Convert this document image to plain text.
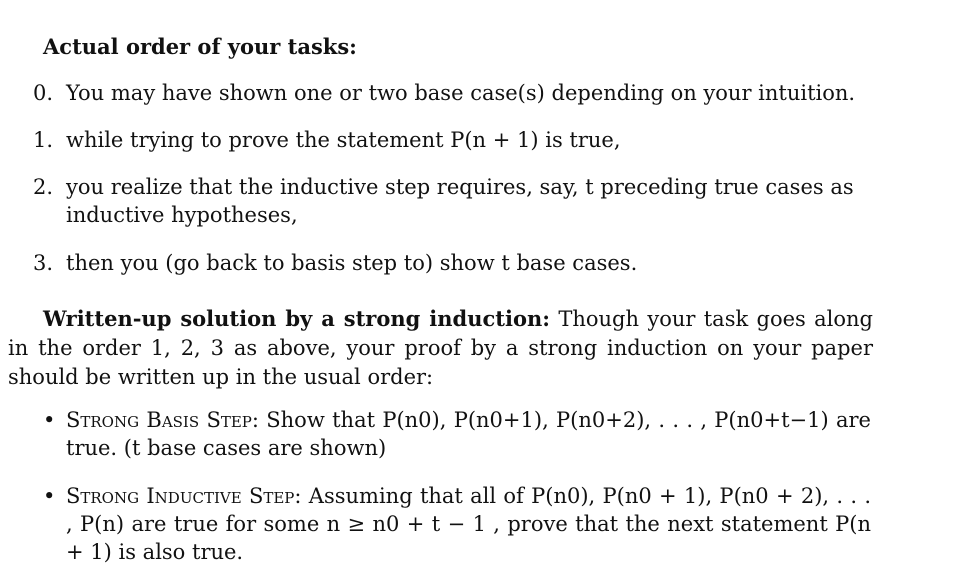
Actual order of your tasks:
0. You may have shown one or two base case(s) depending on your intuition.
1. while trying to prove the statement P(n + 1) is true,
2. you realize that the inductive step requires, say, t preceding true cases as inductive hypotheses,
3. then you (go back to basis step to) show t base cases.
Written-up solution by a strong induction: Though your task goes along in the order 1, 2, 3 as above, your proof by a strong induction on your paper should be written up in the usual order:
• Strong Basis Step: Show that P(n0), P(n0+1), P(n0+2), . . . , P(n0+t−1) are true. (t base cases are shown)
• Strong Inductive Step: Assuming that all of P(n0), P(n0 + 1), P(n0 + 2), . . . , P(n) are true for some n ≥ n0 + t − 1 , prove that the next statement P(n + 1) is also true.
